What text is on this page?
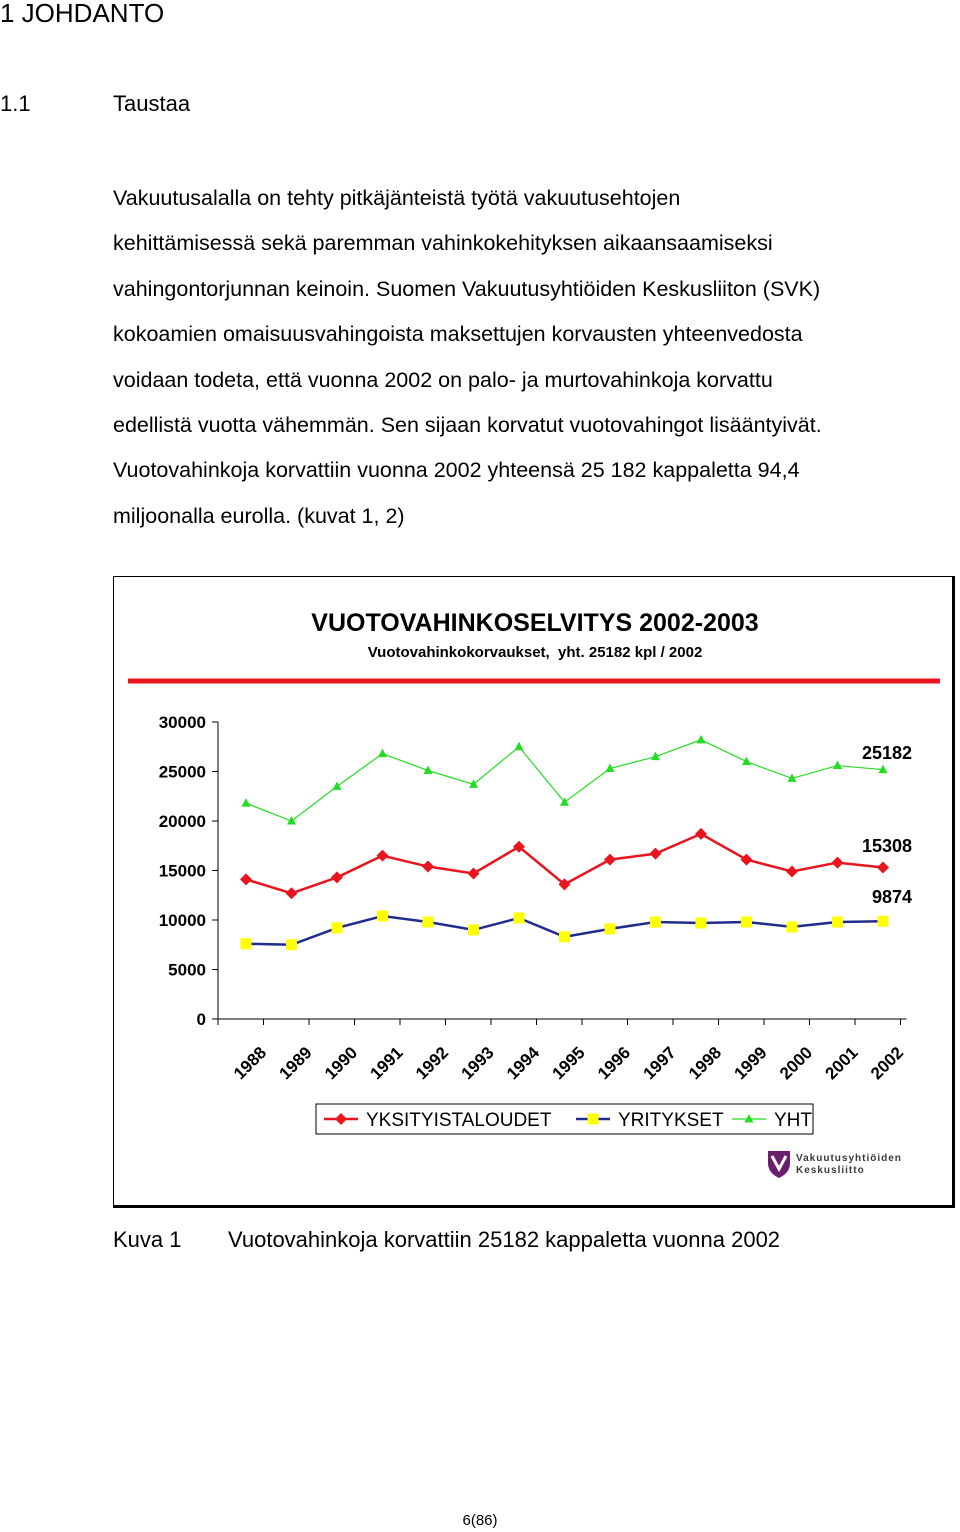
1 JOHDANTO
1.1	Taustaa
Vakuutusalalla on tehty pitkäjänteistä työtä vakuutusehtojen
kehittämisessä sekä paremman vahinkokehityksen aikaansaamiseksi
vahingontorjunnan keinoin. Suomen Vakuutusyhtiöiden Keskusliiton (SVK)
kokoamien omaisuusvahingoista maksettujen korvausten yhteenvedosta
voidaan todeta, että vuonna 2002 on palo- ja murtovahinkoja korvattu
edellistä vuotta vähemmän. Sen sijaan korvatut vuotovahingot lisääntyivät.
Vuotovahinkoja korvattiin vuonna 2002 yhteensä 25 182 kappaletta 94,4
miljoonalla eurolla. (kuvat 1, 2)
VUOTOVAHINKOSELVITYS 2002-2003
Vuotovahinkokorvaukset,  yht. 25182 kpl / 2002
0
5000
10000
15000
20000
25000
30000
1988 1989 1990 1991 1992 1993 1994 1995 1996 1997 1998 1999 2000 2001 2002
25182
15308
9874
YKSITYISTALOUDET	YRITYKSET	YHT
Vakuutusyhtiöiden
Keskusliitto
Kuva 1 Vuotovahinkoja korvattiin 25182 kappaletta vuonna 2002
6(86)
